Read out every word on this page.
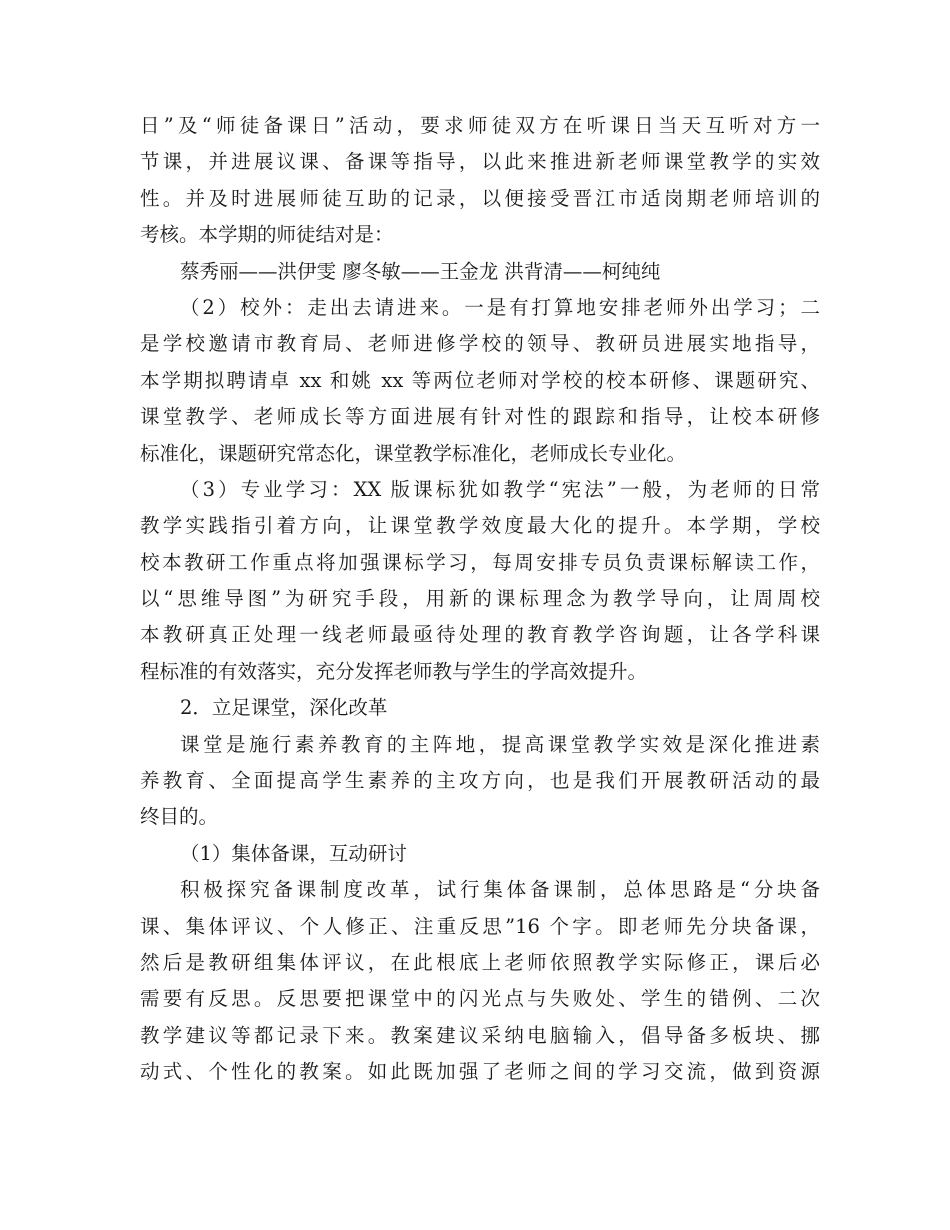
日”及“师徒备课日”活动，要求师徒双方在听课日当天互听对方一
节课，并进展议课、备课等指导，以此来推进新老师课堂教学的实效
性。并及时进展师徒互助的记录，以便接受晋江市适岗期老师培训的
考核。本学期的师徒结对是：
蔡秀丽——洪伊雯 廖冬敏——王金龙 洪背清——柯纯纯
（2）校外：走出去请进来。一是有打算地安排老师外出学习；二
是学校邀请市教育局、老师进修学校的领导、教研员进展实地指导，
本学期拟聘请卓 xx 和姚 xx 等两位老师对学校的校本研修、课题研究、
课堂教学、老师成长等方面进展有针对性的跟踪和指导，让校本研修
标准化，课题研究常态化，课堂教学标准化，老师成长专业化。
（3）专业学习：XX 版课标犹如教学“宪法”一般，为老师的日常
教学实践指引着方向，让课堂教学效度最大化的提升。本学期，学校
校本教研工作重点将加强课标学习，每周安排专员负责课标解读工作，
以“思维导图”为研究手段，用新的课标理念为教学导向，让周周校
本教研真正处理一线老师最亟待处理的教育教学咨询题，让各学科课
程标准的有效落实，充分发挥老师教与学生的学高效提升。
2．立足课堂，深化改革
课堂是施行素养教育的主阵地，提高课堂教学实效是深化推进素
养教育、全面提高学生素养的主攻方向，也是我们开展教研活动的最
终目的。
（1）集体备课，互动研讨
积极探究备课制度改革，试行集体备课制，总体思路是“分块备
课、集体评议、个人修正、注重反思”16 个字。即老师先分块备课，
然后是教研组集体评议，在此根底上老师依照教学实际修正，课后必
需要有反思。反思要把课堂中的闪光点与失败处、学生的错例、二次
教学建议等都记录下来。教案建议采纳电脑输入，倡导备多板块、挪
动式、个性化的教案。如此既加强了老师之间的学习交流，做到资源
